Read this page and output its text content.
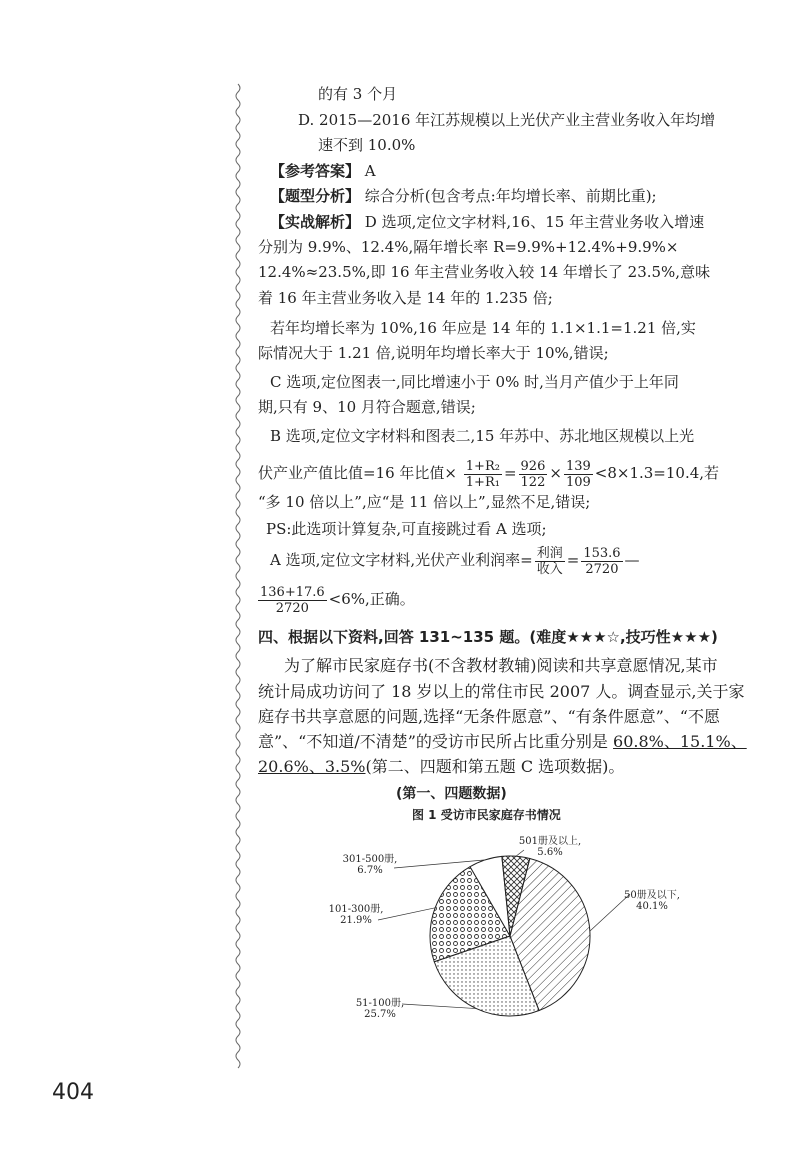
的有 3 个月
D. 2015—2016 年江苏规模以上光伏产业主营业务收入年均增
速不到 10.0%
【参考答案】 A
【题型分析】 综合分析(包含考点:年均增长率、前期比重);
【实战解析】 D 选项,定位文字材料,16、15 年主营业务收入增速
分别为 9.9%、12.4%,隔年增长率 R=9.9%+12.4%+9.9%×
12.4%≈23.5%,即 16 年主营业务收入较 14 年增长了 23.5%,意味
着 16 年主营业务收入是 14 年的 1.235 倍;
若年均增长率为 10%,16 年应是 14 年的 1.1×1.1=1.21 倍,实
际情况大于 1.21 倍,说明年均增长率大于 10%,错误;
C 选项,定位图表一,同比增速小于 0% 时,当月产值少于上年同
期,只有 9、10 月符合题意,错误;
B 选项,定位文字材料和图表二,15 年苏中、苏北地区规模以上光
伏产业产值比值=16 年比值× $\frac{\text{1+R₂}}{\text{1+R₁}} = \frac{926}{122} \times \frac{139}{109} <8\times 1.3=10.4$,若
“多 10 倍以上”,应“是 11 倍以上”,显然不足,错误;
PS:此选项计算复杂,可直接跳过看 A 选项;
A 选项,定位文字材料,光伏产业利润率= $\frac{\text{利润}}{\text{收入}} = \frac{153.6}{2720}$ —
$\frac{136+17.6}{2720} <6\%$,正确。
四、根据以下资料,回答 131~135 题。(难度★★★☆,技巧性★★★)
为了解市民家庭存书(不含教材教辅)阅读和共享意愿情况,某市
统计局成功访问了 18 岁以上的常住市民 2007 人。调查显示,关于家
庭存书共享意愿的问题,选择“无条件愿意”、“有条件愿意”、“不愿
意”、“不知道/不清楚”的受访市民所占比重分别是 60.8%、15.1%、
20.6%、3.5%(第二、四题和第五题 C 选项数据)。
(第一、四题数据)
图 1 受访市民家庭存书情况
50册及以下,
40.1%
51-100册,
25.7%
101-300册,
21.9%
301-500册,
6.7%
501册及以上,
5.6%
404
